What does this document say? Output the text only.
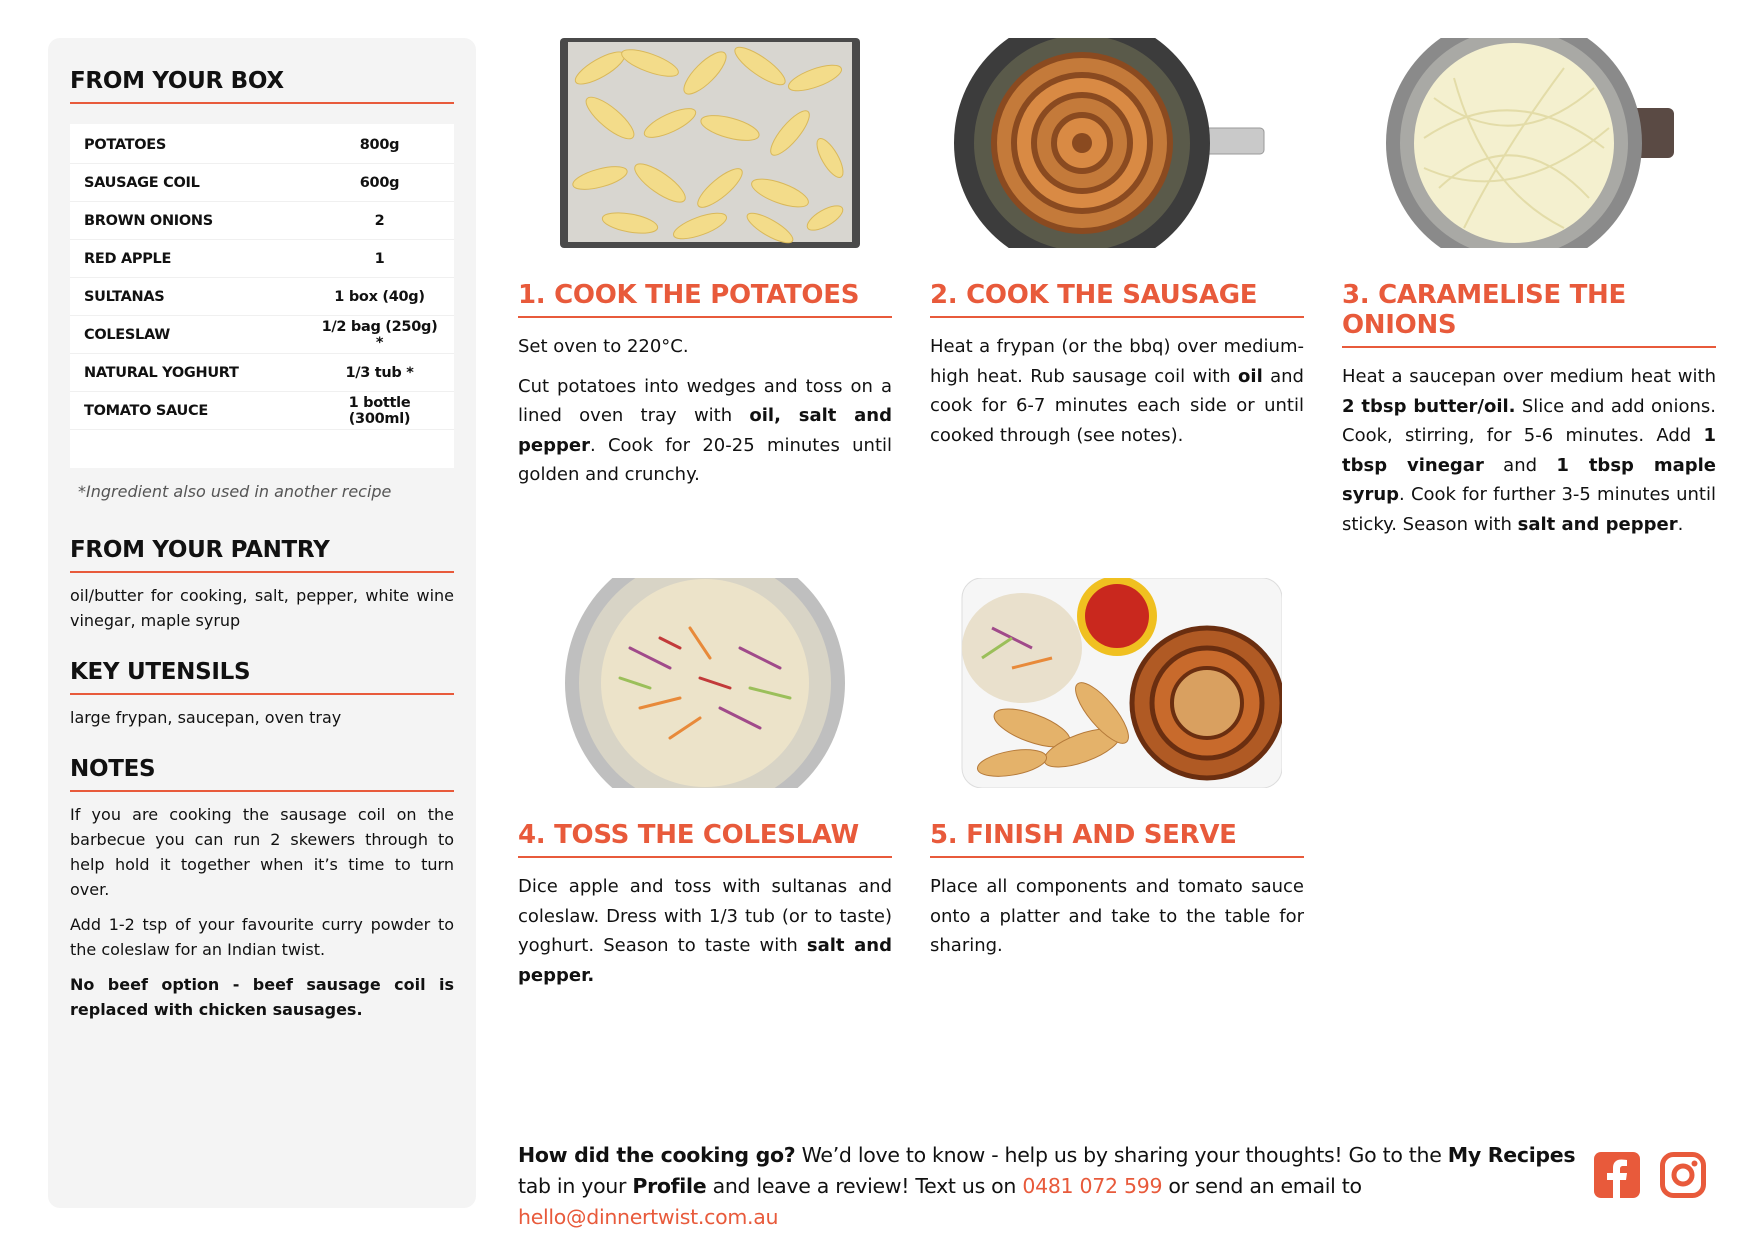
FROM YOUR BOX
POTATOES	800g
SAUSAGE COIL	600g
BROWN ONIONS	2
RED APPLE	1
SULTANAS	1 box (40g)
COLESLAW	1/2 bag (250g) *
NATURAL YOGHURT	1/3 tub *
TOMATO SAUCE	1 bottle (300ml)
*Ingredient also used in another recipe
FROM YOUR PANTRY
oil/butter for cooking, salt, pepper, white wine vinegar, maple syrup
KEY UTENSILS
large frypan, saucepan, oven tray
NOTES

If you are cooking the sausage coil on the barbecue you can run 2 skewers through to help hold it together when it’s time to turn over.

Add 1-2 tsp of your favourite curry powder to the coleslaw for an Indian twist.

No beef option - beef sausage coil is replaced with chicken sausages.

1. COOK THE POTATOES

Set oven to 220°C.

Cut potatoes into wedges and toss on a lined oven tray with oil, salt and pepper. Cook for 20-25 minutes until golden and crunchy.

2. COOK THE SAUSAGE

Heat a frypan (or the bbq) over medium-high heat. Rub sausage coil with oil and cook for 6-7 minutes each side or until cooked through (see notes).

3. CARAMELISE THE ONIONS

Heat a saucepan over medium heat with 2 tbsp butter/oil. Slice and add onions. Cook, stirring, for 5-6 minutes. Add 1 tbsp vinegar and 1 tbsp maple syrup. Cook for further 3-5 minutes until sticky. Season with salt and pepper.

4. TOSS THE COLESLAW

Dice apple and toss with sultanas and coleslaw. Dress with 1/3 tub (or to taste) yoghurt. Season to taste with salt and pepper.

5. FINISH AND SERVE

Place all components and tomato sauce onto a platter and take to the table for sharing.

How did the cooking go? We’d love to know - help us by sharing your thoughts! Go to the My Recipes tab in your Profile and leave a review! Text us on 0481 072 599 or send an email to hello@dinnertwist.com.au
